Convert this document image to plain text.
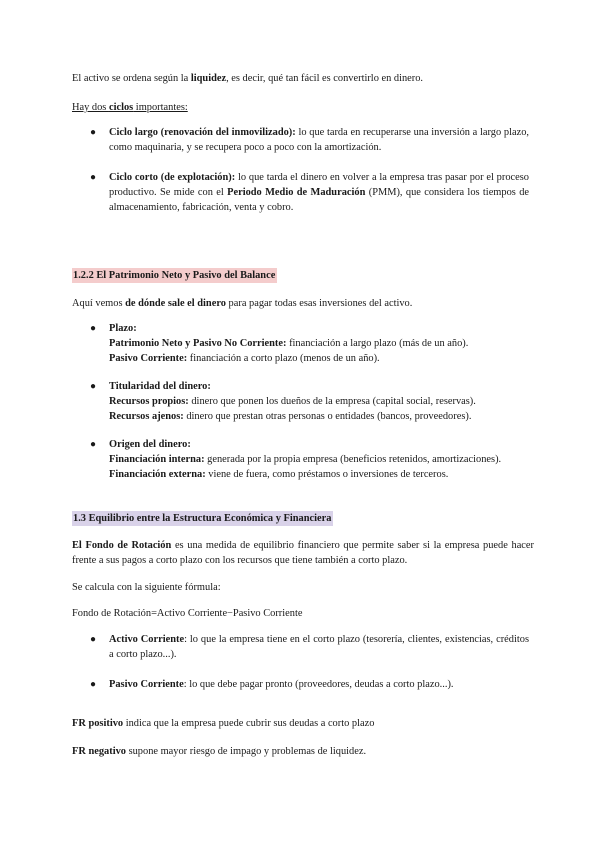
El activo se ordena según la liquidez, es decir, qué tan fácil es convertirlo en dinero.

Hay dos ciclos importantes:

● Ciclo largo (renovación del inmovilizado): lo que tarda en recuperarse una inversión a largo plazo, como maquinaria, y se recupera poco a poco con la amortización.

● Ciclo corto (de explotación): lo que tarda el dinero en volver a la empresa tras pasar por el proceso productivo. Se mide con el Periodo Medio de Maduración (PMM), que considera los tiempos de almacenamiento, fabricación, venta y cobro.

1.2.2 El Patrimonio Neto y Pasivo del Balance

Aquí vemos de dónde sale el dinero para pagar todas esas inversiones del activo.

● Plazo:
Patrimonio Neto y Pasivo No Corriente: financiación a largo plazo (más de un año).
Pasivo Corriente: financiación a corto plazo (menos de un año).
● Titularidad del dinero:
Recursos propios: dinero que ponen los dueños de la empresa (capital social, reservas).
Recursos ajenos: dinero que prestan otras personas o entidades (bancos, proveedores).
● Origen del dinero:
Financiación interna: generada por la propia empresa (beneficios retenidos, amortizaciones).
Financiación externa: viene de fuera, como préstamos o inversiones de terceros.

1.3 Equilibrio entre la Estructura Económica y Financiera

El Fondo de Rotación es una medida de equilibrio financiero que permite saber si la empresa puede hacer frente a sus pagos a corto plazo con los recursos que tiene también a corto plazo.

Se calcula con la siguiente fórmula:

Fondo de Rotación=Activo Corriente−Pasivo Corriente

● Activo Corriente: lo que la empresa tiene en el corto plazo (tesorería, clientes, existencias, créditos a corto plazo...).

● Pasivo Corriente: lo que debe pagar pronto (proveedores, deudas a corto plazo...).

FR positivo indica que la empresa puede cubrir sus deudas a corto plazo

FR negativo supone mayor riesgo de impago y problemas de liquidez.
